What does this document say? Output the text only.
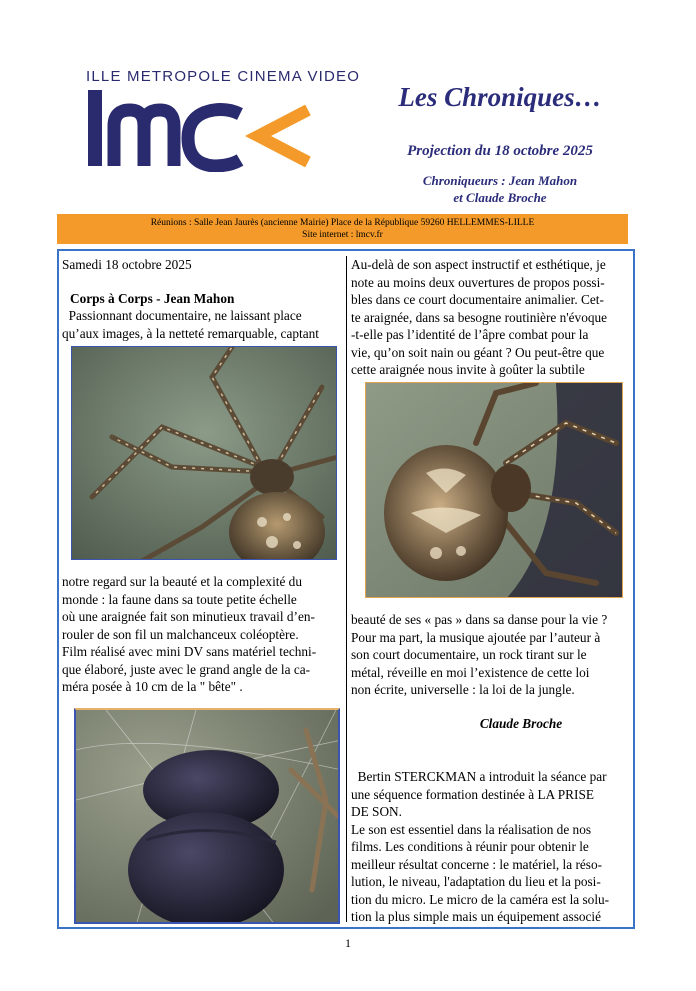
ILLE METROPOLE CINEMA VIDEO
Les Chroniques…
Projection du 18 octobre 2025
Chroniqueurs : Jean Mahon
et Claude Broche
Réunions : Salle Jean Jaurès (ancienne Mairie) Place de la République 59260 HELLEMMES-LILLE
Site internet : lmcv.fr
Samedi 18 octobre 2025
Corps à Corps - Jean Mahon
Passionnant documentaire, ne laissant place
qu’aux images, à la netteté remarquable, captant
notre regard sur la beauté et la complexité du
monde : la faune dans sa toute petite échelle
où une araignée fait son minutieux travail d’en-
rouler de son fil un malchanceux coléoptère.
Film réalisé avec mini DV sans matériel techni-
que élaboré, juste avec le grand angle de la ca-
méra posée à 10 cm de la " bête" .
Au-delà de son aspect instructif et esthétique, je
note au moins deux ouvertures de propos possi-
bles dans ce court documentaire animalier. Cet-
te araignée, dans sa besogne routinière n'évoque
-t-elle pas l’identité de l’âpre combat pour la
vie, qu’on soit nain ou géant ? Ou peut-être que
cette araignée nous invite à goûter la subtile
beauté de ses « pas » dans sa danse pour la vie ?
Pour ma part, la musique ajoutée par l’auteur à
son court documentaire, un rock tirant sur le
métal, réveille en moi l’existence de cette loi
non écrite, universelle : la loi de la jungle.
Claude Broche
Bertin STERCKMAN a introduit la séance par
une séquence formation destinée à LA PRISE
DE SON.
Le son est essentiel dans la réalisation de nos
films. Les conditions à réunir pour obtenir le
meilleur résultat concerne : le matériel, la réso-
lution, le niveau, l'adaptation du lieu et la posi-
tion du micro. Le micro de la caméra est la solu-
tion la plus simple mais un équipement associé
1
